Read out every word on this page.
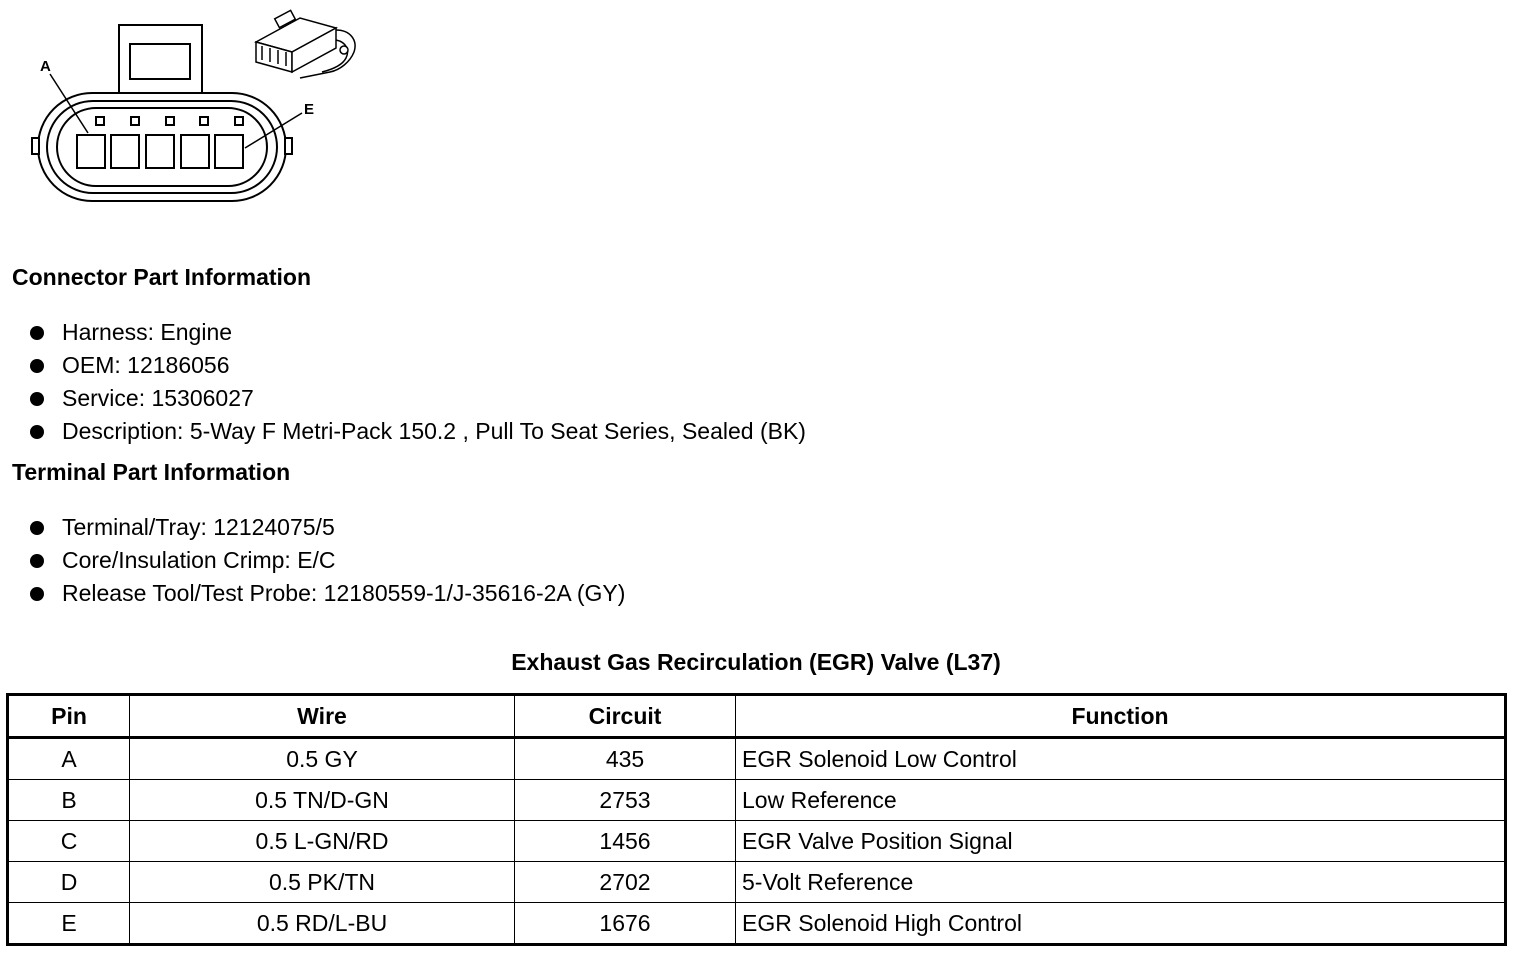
A
E
Connector Part Information
Harness: Engine
OEM: 12186056
Service: 15306027
Description: 5-Way F Metri-Pack 150.2 , Pull To Seat Series, Sealed (BK)
Terminal Part Information
Terminal/Tray: 12124075/5
Core/Insulation Crimp: E/C
Release Tool/Test Probe: 12180559-1/J-35616-2A (GY)
Exhaust Gas Recirculation (EGR) Valve (L37)
Pin	Wire	Circuit	Function
A	0.5 GY	435	EGR Solenoid Low Control
B	0.5 TN/D-GN	2753	Low Reference
C	0.5 L-GN/RD	1456	EGR Valve Position Signal
D	0.5 PK/TN	2702	5-Volt Reference
E	0.5 RD/L-BU	1676	EGR Solenoid High Control
